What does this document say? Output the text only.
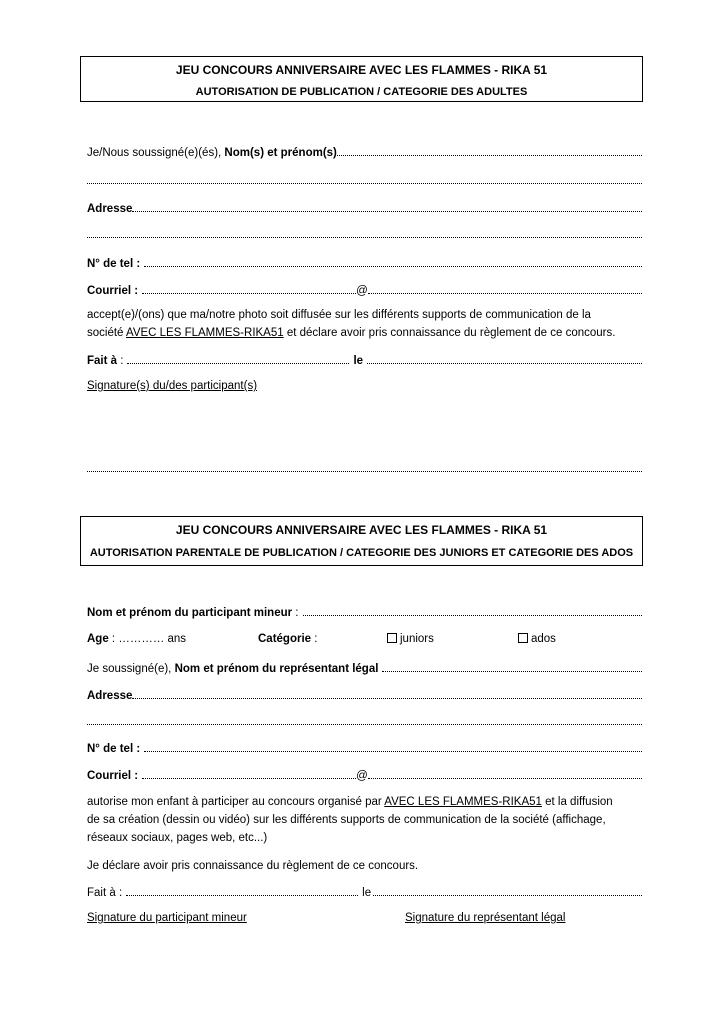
JEU CONCOURS ANNIVERSAIRE AVEC LES FLAMMES - RIKA 51
AUTORISATION DE PUBLICATION / CATEGORIE DES ADULTES
Je/Nous soussigné(e)(és), Nom(s) et prénom(s)
Adresse
N° de tel :
Courriel :	@
accept(e)/(ons) que ma/notre photo soit diffusée sur les différents supports de communication de la
société AVEC LES FLAMMES-RIKA51 et déclare avoir pris connaissance du règlement de ce concours.
Fait à :	le
Signature(s) du/des participant(s)
JEU CONCOURS ANNIVERSAIRE AVEC LES FLAMMES - RIKA 51
AUTORISATION PARENTALE DE PUBLICATION / CATEGORIE DES JUNIORS ET CATEGORIE DES ADOS
Nom et prénom du participant mineur :
Age : ………… ans	Catégorie :	juniors	ados
Je soussigné(e), Nom et prénom du représentant légal
Adresse
N° de tel :
Courriel :	@
autorise mon enfant à participer au concours organisé par AVEC LES FLAMMES-RIKA51 et la diffusion
de sa création (dessin ou vidéo) sur les différents supports de communication de la société (affichage,
réseaux sociaux, pages web, etc...)
Je déclare avoir pris connaissance du règlement de ce concours.
Fait à :	le
Signature du participant mineur	Signature du représentant légal
